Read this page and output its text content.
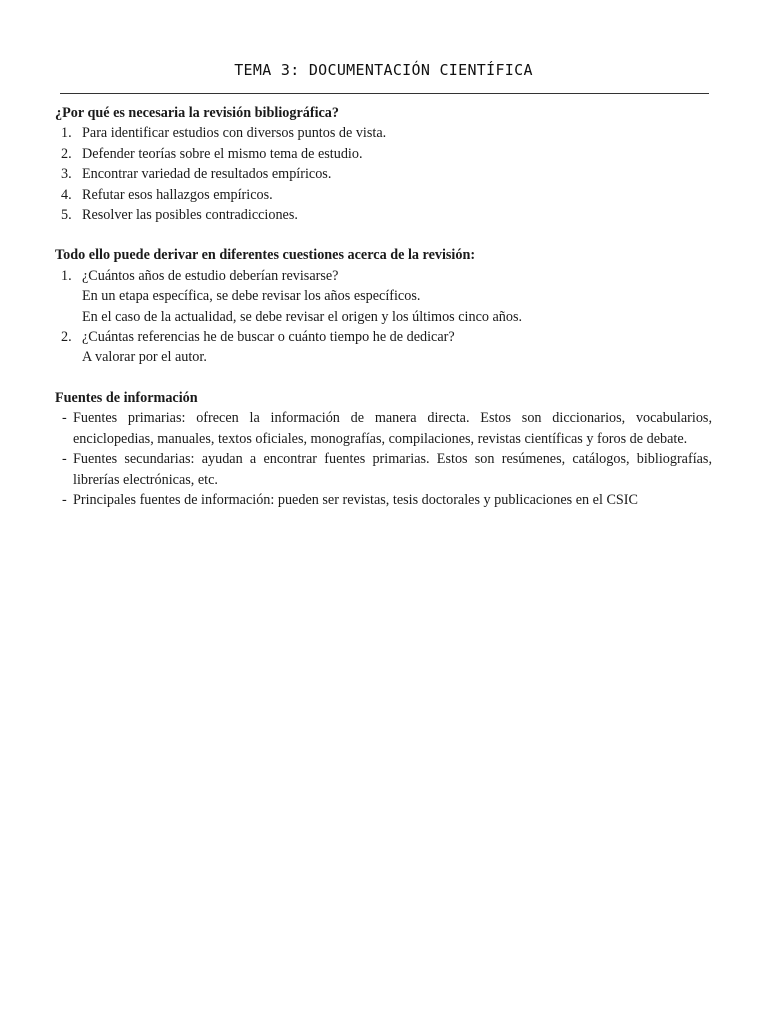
TEMA 3: DOCUMENTACIÓN CIENTÍFICA

¿Por qué es necesaria la revisión bibliográfica?

1. Para identificar estudios con diversos puntos de vista.
2. Defender teorías sobre el mismo tema de estudio.
3. Encontrar variedad de resultados empíricos.
4. Refutar esos hallazgos empíricos.
5. Resolver las posibles contradicciones.

Todo ello puede derivar en diferentes cuestiones acerca de la revisión:

1. ¿Cuántos años de estudio deberían revisarse?
En un etapa específica, se debe revisar los años específicos.
En el caso de la actualidad, se debe revisar el origen y los últimos cinco años.
2. ¿Cuántas referencias he de buscar o cuánto tiempo he de dedicar?
A valorar por el autor.

Fuentes de información

- Fuentes primarias: ofrecen la información de manera directa. Estos son diccionarios, vocabularios, enciclopedias, manuales, textos oficiales, monografías, compilaciones, revistas científicas y foros de debate.
- Fuentes secundarias: ayudan a encontrar fuentes primarias. Estos son resúmenes, catálogos, bibliografías, librerías electrónicas, etc.
- Principales fuentes de información: pueden ser revistas, tesis doctorales y publicaciones en el CSIC
